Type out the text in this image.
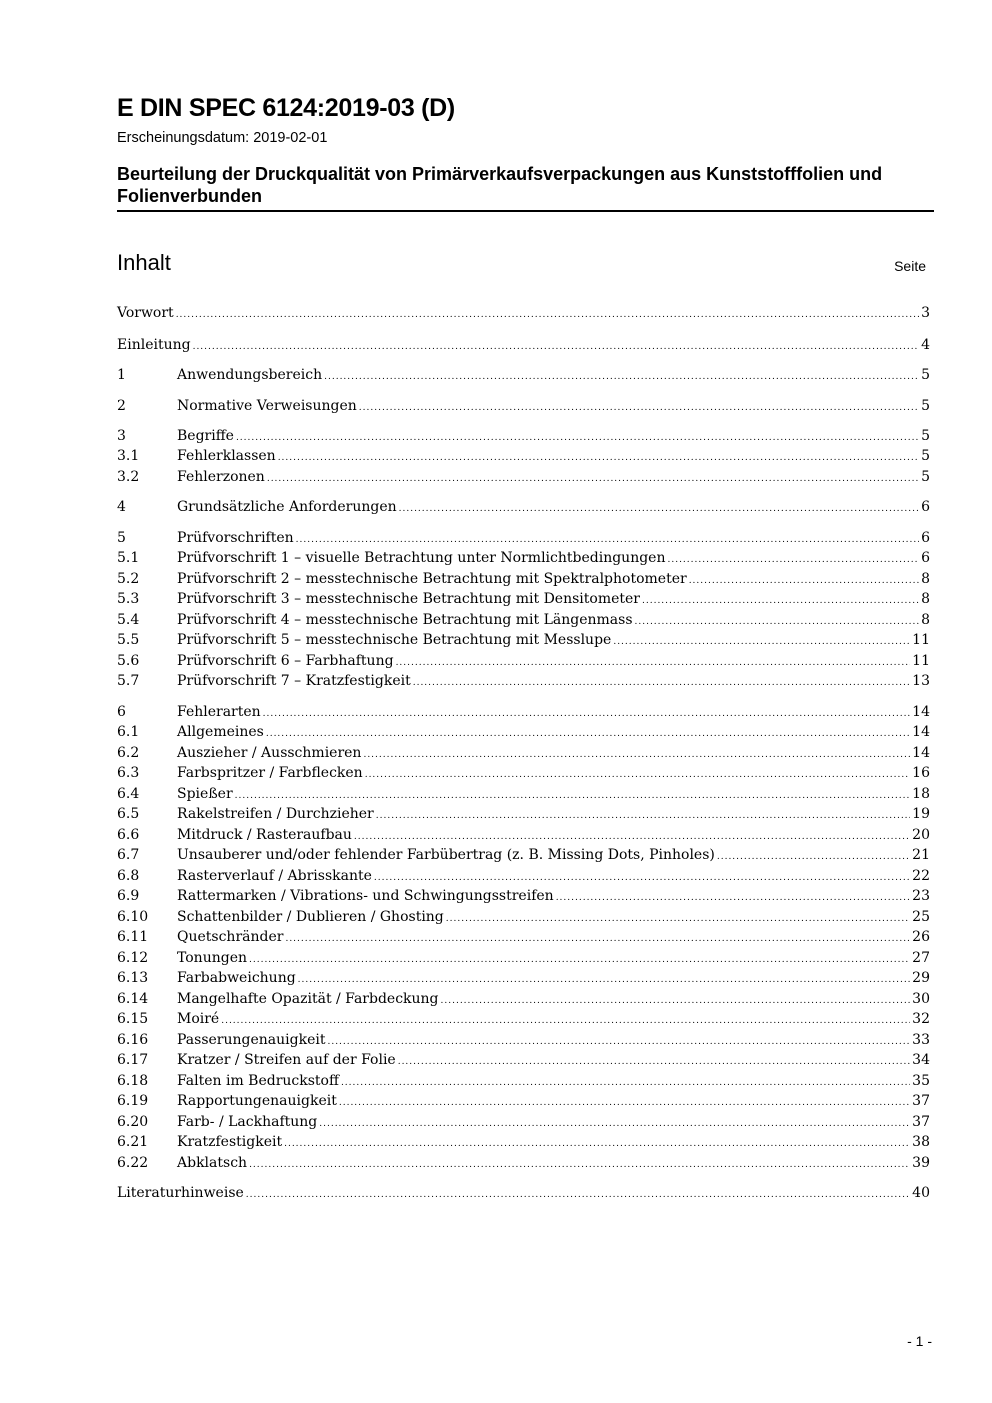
E DIN SPEC 6124:2019-03 (D)
Erscheinungsdatum: 2019-02-01
Beurteilung der Druckqualität von Primärverkaufsverpackungen aus Kunststofffolien und Folienverbunden
Inhalt	Seite
Vorwort .....	3
Einleitung .....	4
1	Anwendungsbereich .....	5
2	Normative Verweisungen .....	5
3	Begriffe .....	5
3.1	Fehlerklassen .....	5
3.2	Fehlerzonen .....	5
4	Grundsätzliche Anforderungen .....	6
5	Prüfvorschriften .....	6
5.1	Prüfvorschrift 1 – visuelle Betrachtung unter Normlichtbedingungen .....	6
5.2	Prüfvorschrift 2 – messtechnische Betrachtung mit Spektralphotometer .....	8
5.3	Prüfvorschrift 3 – messtechnische Betrachtung mit Densitometer .....	8
5.4	Prüfvorschrift 4 – messtechnische Betrachtung mit Längenmass .....	8
5.5	Prüfvorschrift 5 – messtechnische Betrachtung mit Messlupe .....	11
5.6	Prüfvorschrift 6 – Farbhaftung .....	11
5.7	Prüfvorschrift 7 – Kratzfestigkeit .....	13
6	Fehlerarten .....	14
6.1	Allgemeines .....	14
6.2	Auszieher / Ausschmieren .....	14
6.3	Farbspritzer / Farbflecken .....	16
6.4	Spießer .....	18
6.5	Rakelstreifen / Durchzieher .....	19
6.6	Mitdruck / Rasteraufbau .....	20
6.7	Unsauberer und/oder fehlender Farbübertrag (z. B. Missing Dots, Pinholes) .....	21
6.8	Rasterverlauf / Abrisskante .....	22
6.9	Rattermarken / Vibrations- und Schwingungsstreifen .....	23
6.10	Schattenbilder / Dublieren / Ghosting .....	25
6.11	Quetschränder .....	26
6.12	Tonungen .....	27
6.13	Farbabweichung .....	29
6.14	Mangelhafte Opazität / Farbdeckung .....	30
6.15	Moiré .....	32
6.16	Passerungenauigkeit .....	33
6.17	Kratzer / Streifen auf der Folie .....	34
6.18	Falten im Bedruckstoff .....	35
6.19	Rapportungenauigkeit .....	37
6.20	Farb- / Lackhaftung .....	37
6.21	Kratzfestigkeit .....	38
6.22	Abklatsch .....	39
Literaturhinweise .....	40
- 1 -
